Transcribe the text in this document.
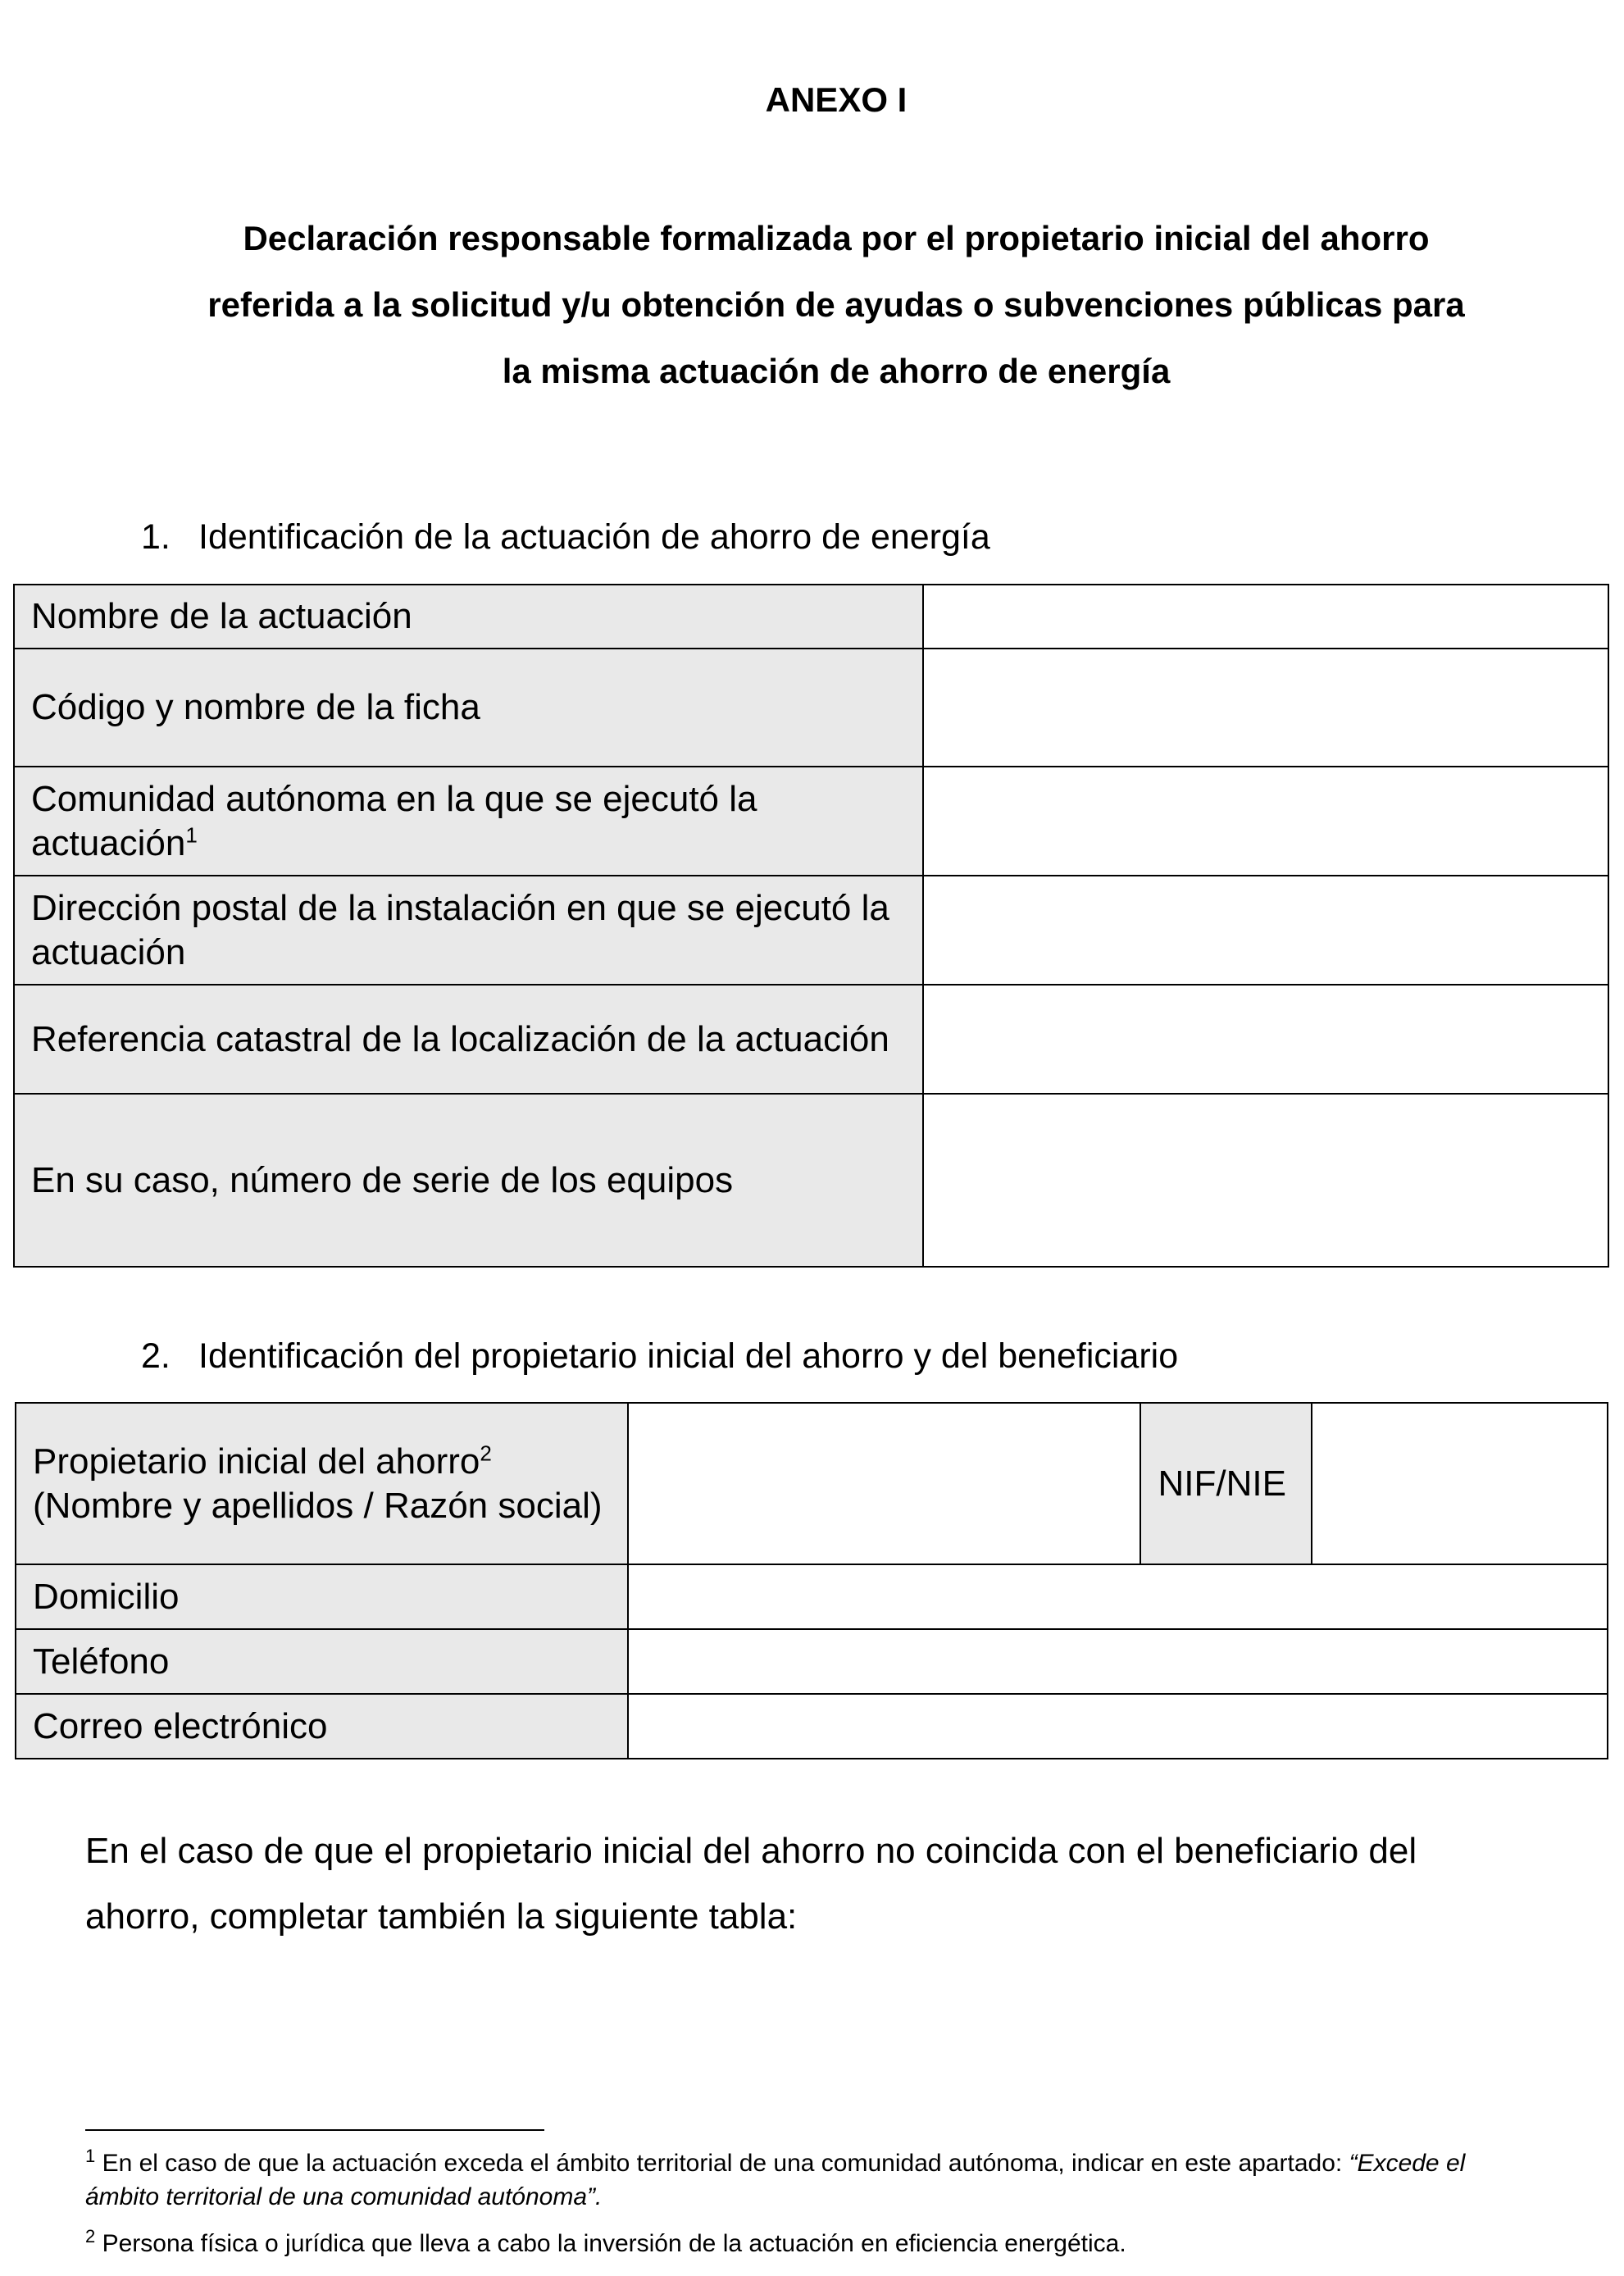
ANEXO I
Declaración responsable formalizada por el propietario inicial del ahorro referida a la solicitud y/u obtención de ayudas o subvenciones públicas para la misma actuación de ahorro de energía
1. Identificación de la actuación de ahorro de energía
Nombre de la actuación	
Código y nombre de la ficha	
Comunidad autónoma en la que se ejecutó la actuación$^1$	
Dirección postal de la instalación en que se ejecutó la actuación	
Referencia catastral de la localización de la actuación	
En su caso, número de serie de los equipos	
2. Identificación del propietario inicial del ahorro y del beneficiario
Propietario inicial del ahorro$^2$
(Nombre y apellidos / Razón social)		NIF/NIE	
Domicilio			
Teléfono			
Correo electrónico			
En el caso de que el propietario inicial del ahorro no coincida con el beneficiario del ahorro, completar también la siguiente tabla:
$^1$ En el caso de que la actuación exceda el ámbito territorial de una comunidad autónoma, indicar en este apartado: “Excede el ámbito territorial de una comunidad autónoma”.
$^2$ Persona física o jurídica que lleva a cabo la inversión de la actuación en eficiencia energética.
